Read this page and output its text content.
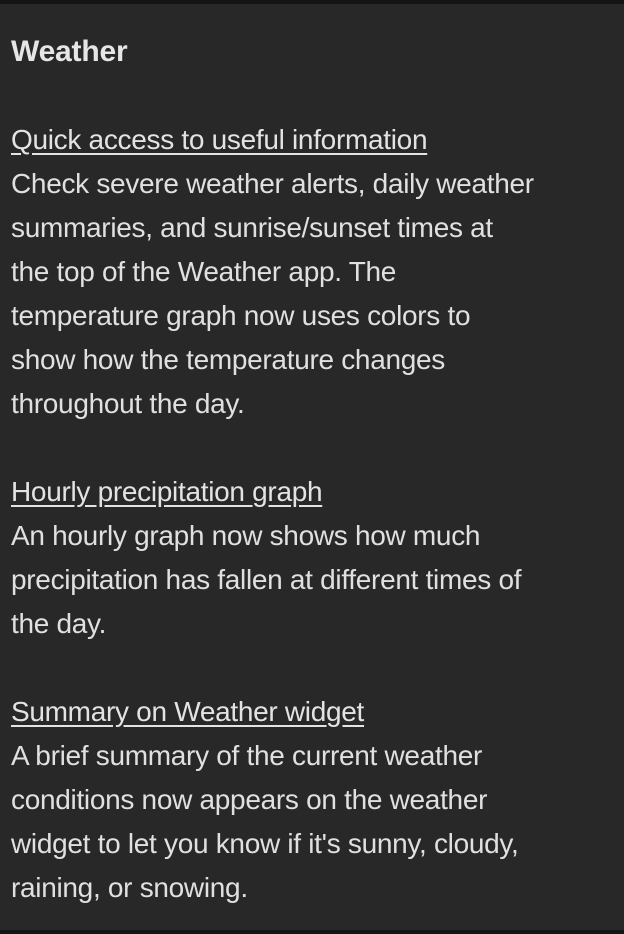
Weather
Quick access to useful information
Check severe weather alerts, daily weather
summaries, and sunrise/sunset times at
the top of the Weather app. The
temperature graph now uses colors to
show how the temperature changes
throughout the day.
Hourly precipitation graph
An hourly graph now shows how much
precipitation has fallen at different times of
the day.
Summary on Weather widget
A brief summary of the current weather
conditions now appears on the weather
widget to let you know if it's sunny, cloudy,
raining, or snowing.
